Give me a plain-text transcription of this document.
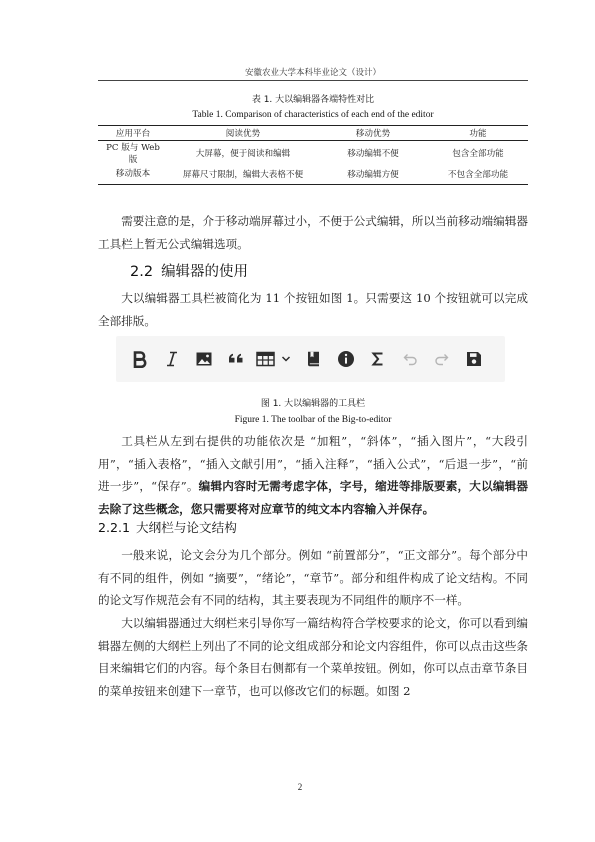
安徽农业大学本科毕业论文（设计）
表 1. 大以编辑器各端特性对比
Table 1. Comparison of characteristics of each end of the editor
应用平台	阅读优势	移动优势	功能
PC 版与 Web 版	大屏幕，便于阅读和编辑	移动编辑不便	包含全部功能
移动版本	屏幕尺寸限制，编辑大表格不便	移动编辑方便	不包含全部功能

需要注意的是，介于移动端屏幕过小，不便于公式编辑，所以当前移动端编辑器工具栏上暂无公式编辑选项。

2.2 编辑器的使用

大以编辑器工具栏被简化为 11 个按钮如图 1。只需要这 10 个按钮就可以完成全部排版。

图 1. 大以编辑器的工具栏
Figure 1. The toolbar of the Big-to-editor

工具栏从左到右提供的功能依次是 “加粗”，“斜体”，“插入图片”，“大段引用”，“插入表格”，“插入文献引用”，“插入注释”，“插入公式”，“后退一步”，“前进一步”，“保存”。编辑内容时无需考虑字体，字号，缩进等排版要素，大以编辑器去除了这些概念，您只需要将对应章节的纯文本内容输入并保存。

2.2.1 大纲栏与论文结构

一般来说，论文会分为几个部分。例如 “前置部分”，“正文部分”。每个部分中有不同的组件，例如 “摘要”，“绪论”，“章节”。部分和组件构成了论文结构。不同的论文写作规范会有不同的结构，其主要表现为不同组件的顺序不一样。

大以编辑器通过大纲栏来引导你写一篇结构符合学校要求的论文，你可以看到编辑器左侧的大纲栏上列出了不同的论文组成部分和论文内容组件，你可以点击这些条目来编辑它们的内容。每个条目右侧都有一个菜单按钮。例如，你可以点击章节条目的菜单按钮来创建下一章节，也可以修改它们的标题。如图 2

2
